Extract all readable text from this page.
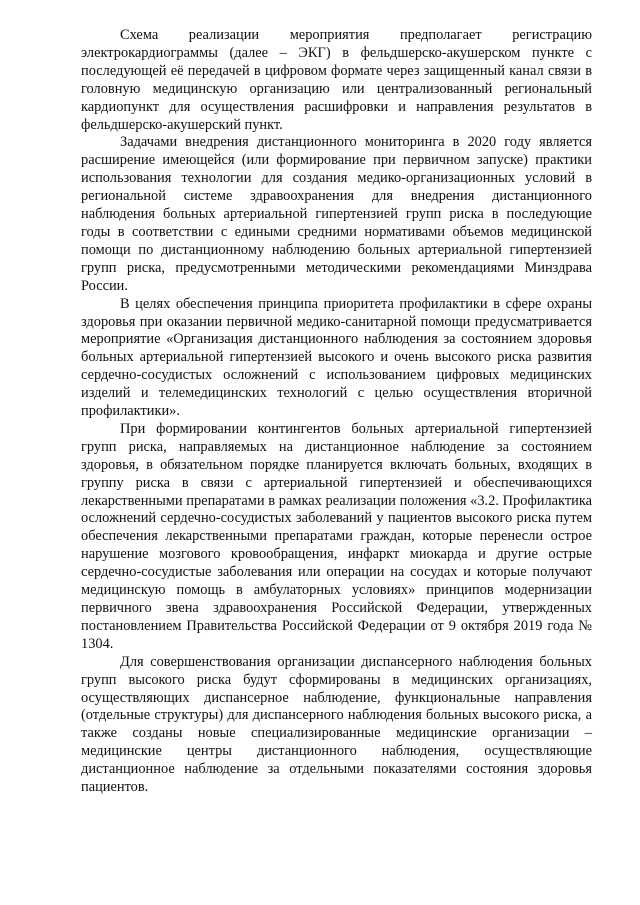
Схема реализации мероприятия предполагает регистрацию электрокардиограммы (далее – ЭКГ) в фельдшерско-акушерском пункте с последующей её передачей в цифровом формате через защищенный канал связи в головную медицинскую организацию или централизованный региональный кардиопункт для осуществления расшифровки и направления результатов в фельдшерско-акушерский пункт.

Задачами внедрения дистанционного мониторинга в 2020 году является расширение имеющейся (или формирование при первичном запуске) практики использования технологии для создания медико-организационных условий в региональной системе здравоохранения для внедрения дистанционного наблюдения больных артериальной гипертензией групп риска в последующие годы в соответствии с едиными средними нормативами объемов медицинской помощи по дистанционному наблюдению больных артериальной гипертензией групп риска, предусмотренными методическими рекомендациями Минздрава России.

В целях обеспечения принципа приоритета профилактики в сфере охраны здоровья при оказании первичной медико-санитарной помощи предусматривается мероприятие «Организация дистанционного наблюдения за состоянием здоровья больных артериальной гипертензией высокого и очень высокого риска развития сердечно-сосудистых осложнений с использованием цифровых медицинских изделий и телемедицинских технологий с целью осуществления вторичной профилактики».

При формировании контингентов больных артериальной гипертензией групп риска, направляемых на дистанционное наблюдение за состоянием здоровья, в обязательном порядке планируется включать больных, входящих в группу риска в связи с артериальной гипертензией и обеспечивающихся лекарственными препаратами в рамках реализации положения «3.2. Профилактика осложнений сердечно-сосудистых заболеваний у пациентов высокого риска путем обеспечения лекарственными препаратами граждан, которые перенесли острое нарушение мозгового кровообращения, инфаркт миокарда и другие острые сердечно-сосудистые заболевания или операции на сосудах и которые получают медицинскую помощь в амбулаторных условиях» принципов модернизации первичного звена здравоохранения Российской Федерации, утвержденных постановлением Правительства Российской Федерации от 9 октября 2019 года № 1304.

Для совершенствования организации диспансерного наблюдения больных групп высокого риска будут сформированы в медицинских организациях, осуществляющих диспансерное наблюдение, функциональные направления (отдельные структуры) для диспансерного наблюдения больных высокого риска, а также созданы новые специализированные медицинские организации – медицинские центры дистанционного наблюдения, осуществляющие дистанционное наблюдение за отдельными показателями состояния здоровья пациентов.
